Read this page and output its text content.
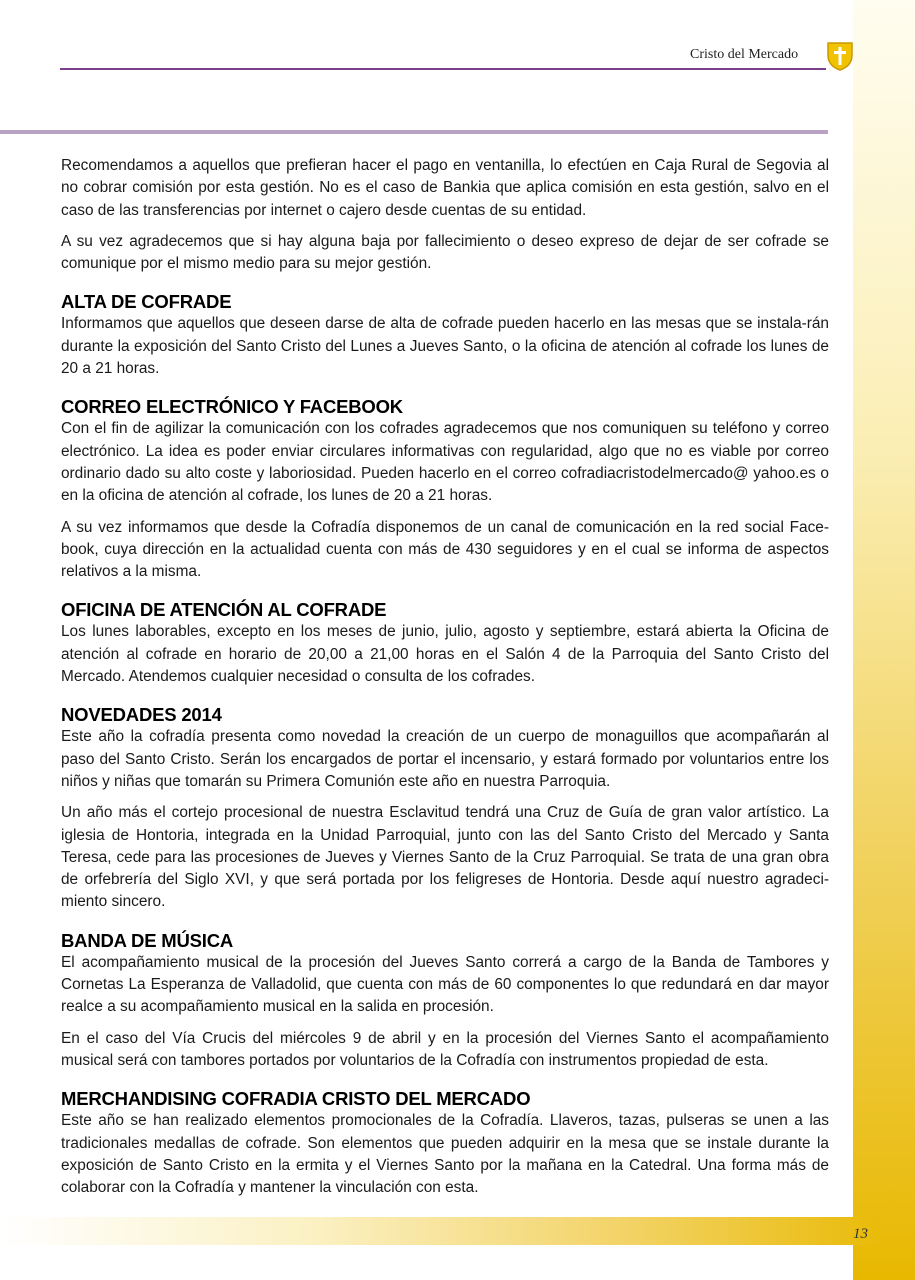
Cristo del Mercado

Recomendamos a aquellos que prefieran hacer el pago en ventanilla, lo efectúen en Caja Rural de Segovia al no cobrar comisión por esta gestión. No es el caso de Bankia que aplica comisión en esta gestión, salvo en el caso de las transferencias por internet o cajero desde cuentas de su entidad.

A su vez agradecemos que si hay alguna baja por fallecimiento o deseo expreso de dejar de ser cofrade se comunique por el mismo medio para su mejor gestión.

ALTA DE COFRADE

Informamos que aquellos que deseen darse de alta de cofrade pueden hacerlo en las mesas que se instala-rán durante la exposición del Santo Cristo del Lunes a Jueves Santo, o la oficina de atención al cofrade los lunes de 20 a 21 horas.

CORREO ELECTRÓNICO Y FACEBOOK

Con el fin de agilizar la comunicación con los cofrades agradecemos que nos comuniquen su teléfono y correo electrónico. La idea es poder enviar circulares informativas con regularidad, algo que no es viable por correo ordinario dado su alto coste y laboriosidad. Pueden hacerlo en el correo cofradiacristodelmercado@ yahoo.es o en la oficina de atención al cofrade, los lunes de 20 a 21 horas.

A su vez informamos que desde la Cofradía disponemos de un canal de comunicación en la red social Face-book, cuya dirección en la actualidad cuenta con más de 430 seguidores y en el cual se informa de aspectos relativos a la misma.

OFICINA DE ATENCIÓN AL COFRADE

Los lunes laborables, excepto en los meses de junio, julio, agosto y septiembre, estará abierta la Oficina de atención al cofrade en horario de 20,00 a 21,00 horas en el Salón 4 de la Parroquia del Santo Cristo del Mercado. Atendemos cualquier necesidad o consulta de los cofrades.

NOVEDADES 2014

Este año la cofradía presenta como novedad la creación de un cuerpo de monaguillos que acompañarán al paso del Santo Cristo. Serán los encargados de portar el incensario, y estará formado por voluntarios entre los niños y niñas que tomarán su Primera Comunión este año en nuestra Parroquia.

Un año más el cortejo procesional de nuestra Esclavitud tendrá una Cruz de Guía de gran valor artístico. La iglesia de Hontoria, integrada en la Unidad Parroquial, junto con las del Santo Cristo del Mercado y Santa Teresa, cede para las procesiones de Jueves y Viernes Santo de la Cruz Parroquial. Se trata de una gran obra de orfebrería del Siglo XVI, y que será portada por los feligreses de Hontoria. Desde aquí nuestro agradeci-miento sincero.

BANDA DE MÚSICA

El acompañamiento musical de la procesión del Jueves Santo correrá a cargo de la Banda de Tambores y Cornetas La Esperanza de Valladolid, que cuenta con más de 60 componentes lo que redundará en dar mayor realce a su acompañamiento musical en la salida en procesión.

En el caso del Vía Crucis del miércoles 9 de abril y en la procesión del Viernes Santo el acompañamiento musical será con tambores portados por voluntarios de la Cofradía con instrumentos propiedad de esta.

MERCHANDISING COFRADIA CRISTO DEL MERCADO

Este año se han realizado elementos promocionales de la Cofradía. Llaveros, tazas, pulseras se unen a las tradicionales medallas de cofrade. Son elementos que pueden adquirir en la mesa que se instale durante la exposición de Santo Cristo en la ermita y el Viernes Santo por la mañana en la Catedral. Una forma más de colaborar con la Cofradía y mantener la vinculación con esta.

13
